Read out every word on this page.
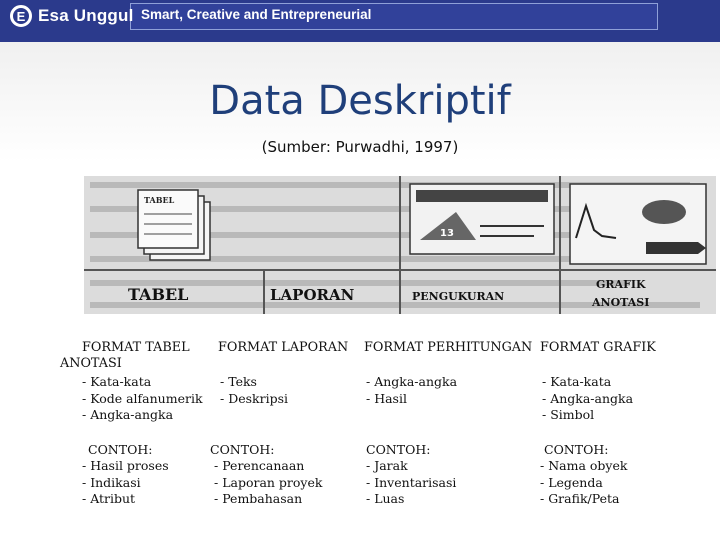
E Esa Unggul Smart, Creative and Entrepreneurial
Data Deskriptif
(Sumber: Purwadhi, 1997)
TABEL
13
TABEL	LAPORAN	PENGUKURAN
GRAFIK
ANOTASI
FORMAT TABEL
ANOTASI
- Kata-kata
- Kode alfanumerik
- Angka-angka
CONTOH:
- Hasil proses
- Indikasi
- Atribut
FORMAT LAPORAN
- Teks
- Deskripsi
CONTOH:
- Perencanaan
- Laporan proyek
- Pembahasan
FORMAT PERHITUNGAN
- Angka-angka
- Hasil
CONTOH:
- Jarak
- Inventarisasi
- Luas
FORMAT GRAFIK
- Kata-kata
- Angka-angka
- Simbol
CONTOH:
- Nama obyek
- Legenda
- Grafik/Peta
